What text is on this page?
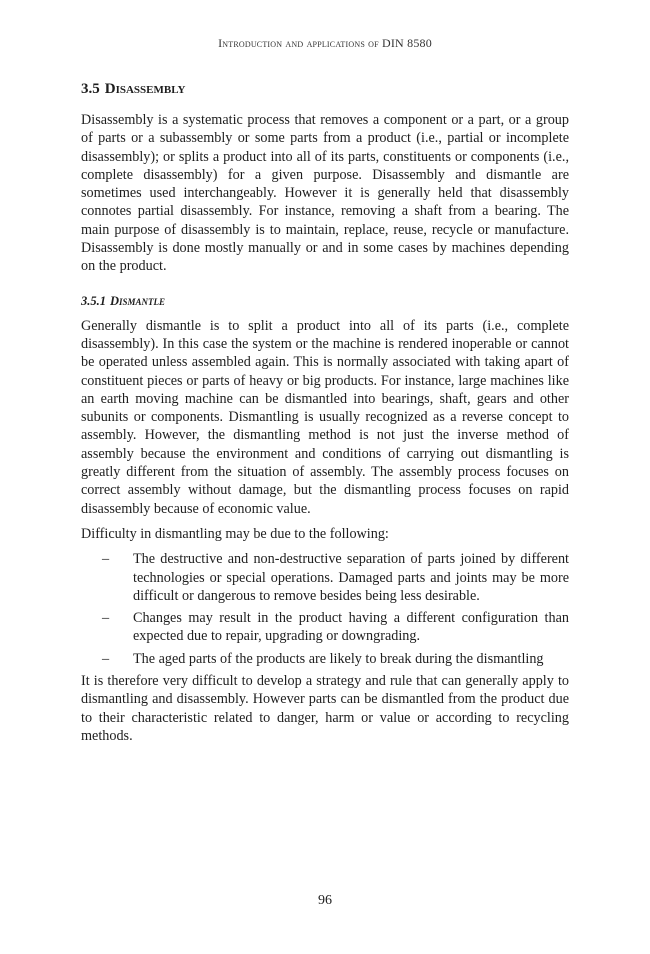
Introduction and applications of DIN 8580
3.5 Disassembly

Disassembly is a systematic process that removes a component or a part, or a group of parts or a subassembly or some parts from a product (i.e., partial or incomplete disassembly); or splits a product into all of its parts, constituents or components (i.e., complete disassembly) for a given purpose. Disassembly and dismantle are sometimes used interchangeably. However it is generally held that disassembly connotes partial disassembly. For instance, removing a shaft from a bearing. The main purpose of disassembly is to maintain, replace, reuse, recycle or manufacture. Disassembly is done mostly manually or and in some cases by machines depending on the product.

3.5.1 Dismantle

Generally dismantle is to split a product into all of its parts (i.e., complete disassembly). In this case the system or the machine is rendered inoperable or cannot be operated unless assembled again. This is normally associated with taking apart of constituent pieces or parts of heavy or big products. For instance, large machines like an earth moving machine can be dismantled into bearings, shaft, gears and other subunits or components. Dismantling is usually recognized as a reverse concept to assembly. However, the dismantling method is not just the inverse method of assembly because the environment and conditions of carrying out dismantling is greatly different from the situation of assembly. The assembly process focuses on correct assembly without damage, but the dismantling process focuses on rapid disassembly because of economic value.

Difficulty in dismantling may be due to the following:

– The destructive and non-destructive separation of parts joined by different technologies or special operations. Damaged parts and joints may be more difficult or dangerous to remove besides being less desirable.
– Changes may result in the product having a different configuration than expected due to repair, upgrading or downgrading.
– The aged parts of the products are likely to break during the dismantling

It is therefore very difficult to develop a strategy and rule that can generally apply to dismantling and disassembly. However parts can be dismantled from the product due to their characteristic related to danger, harm or value or according to recycling methods.

96
